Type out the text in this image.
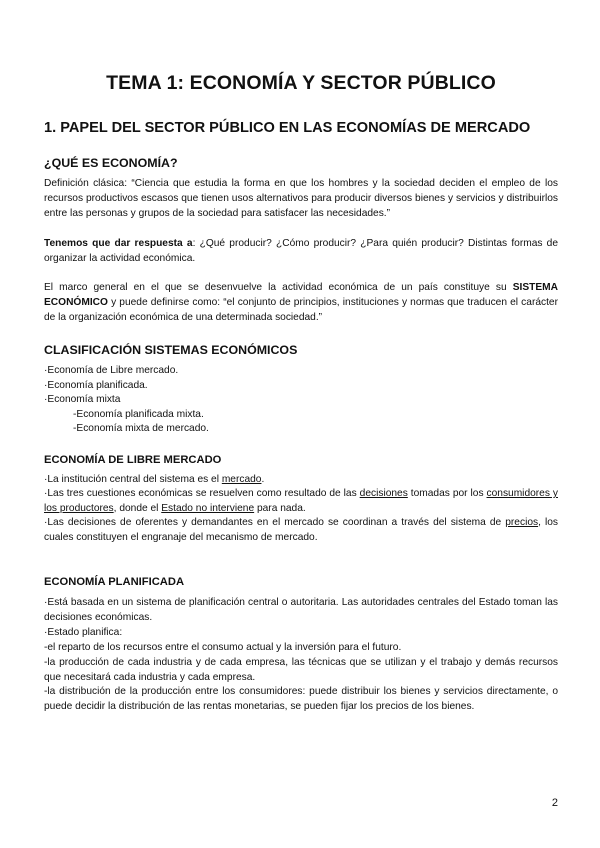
TEMA 1: ECONOMÍA Y SECTOR PÚBLICO
1. PAPEL DEL SECTOR PÚBLICO EN LAS ECONOMÍAS DE MERCADO
¿QUÉ ES ECONOMÍA?

Definición clásica: “Ciencia que estudia la forma en que los hombres y la sociedad deciden el empleo de los recursos productivos escasos que tienen usos alternativos para producir diversos bienes y servicios y distribuirlos entre las personas y grupos de la sociedad para satisfacer las necesidades.”

Tenemos que dar respuesta a: ¿Qué producir? ¿Cómo producir? ¿Para quién producir? Distintas formas de organizar la actividad económica.

El marco general en el que se desenvuelve la actividad económica de un país constituye su SISTEMA ECONÓMICO y puede definirse como: “el conjunto de principios, instituciones y normas que traducen el carácter de la organización económica de una determinada sociedad.”

CLASIFICACIÓN SISTEMAS ECONÓMICOS
·Economía de Libre mercado.
·Economía planificada.
·Economía mixta
-Economía planificada mixta.
-Economía mixta de mercado.
ECONOMÍA DE LIBRE MERCADO

·La institución central del sistema es el mercado.

·Las tres cuestiones económicas se resuelven como resultado de las decisiones tomadas por los consumidores y los productores, donde el Estado no interviene para nada.

·Las decisiones de oferentes y demandantes en el mercado se coordinan a través del sistema de precios, los cuales constituyen el engranaje del mecanismo de mercado.

ECONOMÍA PLANIFICADA

·Está basada en un sistema de planificación central o autoritaria. Las autoridades centrales del Estado toman las decisiones económicas.

·Estado planifica:

-el reparto de los recursos entre el consumo actual y la inversión para el futuro.

-la producción de cada industria y de cada empresa, las técnicas que se utilizan y el trabajo y demás recursos que necesitará cada industria y cada empresa.

-la distribución de la producción entre los consumidores: puede distribuir los bienes y servicios directamente, o puede decidir la distribución de las rentas monetarias, se pueden fijar los precios de los bienes.

2
